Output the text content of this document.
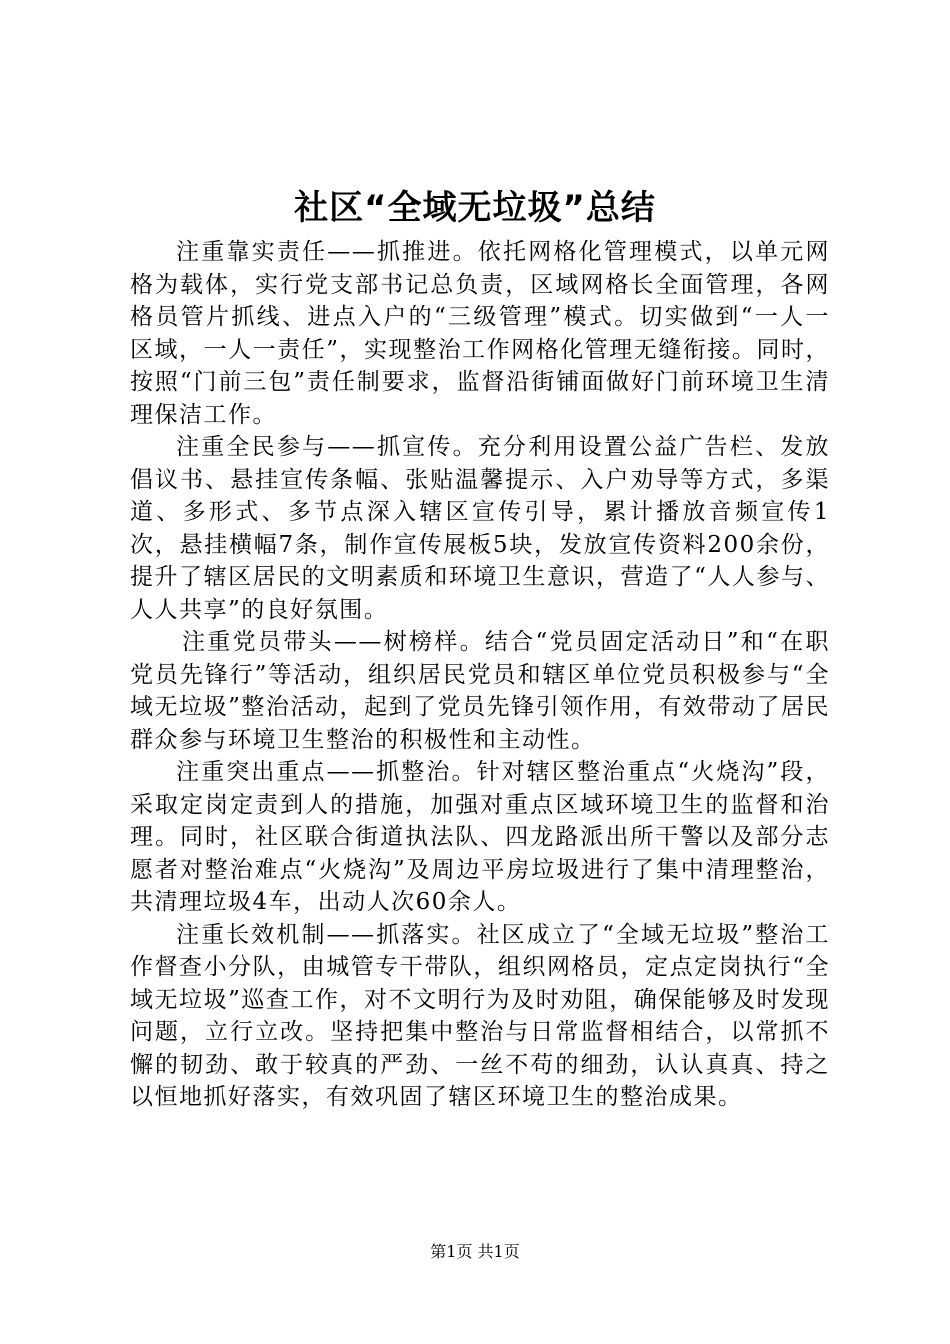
社区“全域无垃圾”总结

注重靠实责任——抓推进。依托网格化管理模式，以单元网格为载体，实行党支部书记总负责，区域网格长全面管理，各网格员管片抓线、进点入户的“三级管理”模式。切实做到“一人一区域，一人一责任”，实现整治工作网格化管理无缝衔接。同时，按照“门前三包”责任制要求，监督沿街铺面做好门前环境卫生清理保洁工作。

注重全民参与——抓宣传。充分利用设置公益广告栏、发放倡议书、悬挂宣传条幅、张贴温馨提示、入户劝导等方式，多渠道、多形式、多节点深入辖区宣传引导，累计播放音频宣传1次，悬挂横幅7条，制作宣传展板5块，发放宣传资料200余份，提升了辖区居民的文明素质和环境卫生意识，营造了“人人参与、人人共享”的良好氛围。

注重党员带头——树榜样。结合“党员固定活动日”和“在职党员先锋行”等活动，组织居民党员和辖区单位党员积极参与“全域无垃圾”整治活动，起到了党员先锋引领作用，有效带动了居民群众参与环境卫生整治的积极性和主动性。

注重突出重点——抓整治。针对辖区整治重点“火烧沟”段，采取定岗定责到人的措施，加强对重点区域环境卫生的监督和治理。同时，社区联合街道执法队、四龙路派出所干警以及部分志愿者对整治难点“火烧沟”及周边平房垃圾进行了集中清理整治，共清理垃圾4车，出动人次60余人。

注重长效机制——抓落实。社区成立了“全域无垃圾”整治工作督查小分队，由城管专干带队，组织网格员，定点定岗执行“全域无垃圾”巡查工作，对不文明行为及时劝阻，确保能够及时发现问题，立行立改。坚持把集中整治与日常监督相结合，以常抓不懈的韧劲、敢于较真的严劲、一丝不苟的细劲，认认真真、持之以恒地抓好落实，有效巩固了辖区环境卫生的整治成果。

第1页 共1页
